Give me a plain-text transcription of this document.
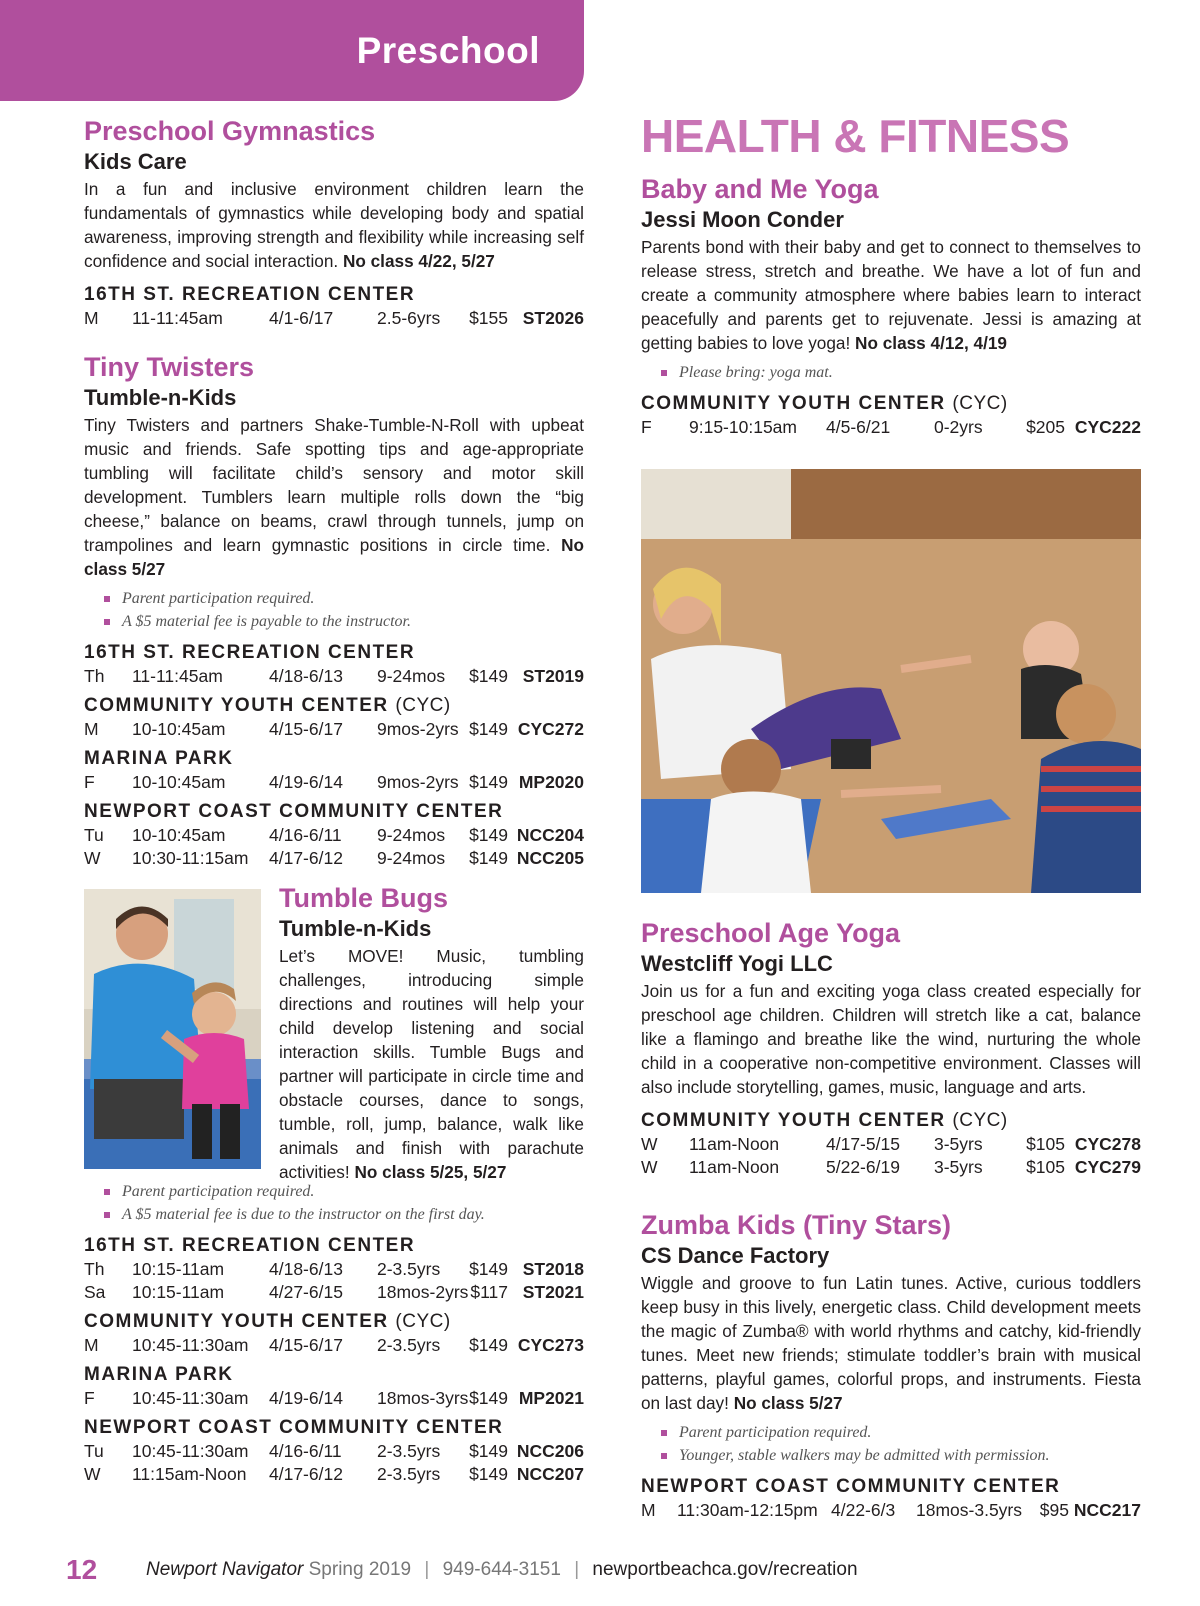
Preschool
Preschool Gymnastics
Kids Care

In a fun and inclusive environment children learn the fundamentals of gymnastics while developing body and spatial awareness, improving strength and flexibility while increasing self confidence and social interaction. No class 4/22, 5/27

16TH ST. RECREATION CENTER
M 11-11:45am	4/1-6/17	2.5-6yrs $155 ST2026
Tiny Twisters
Tumble-n-Kids

Tiny Twisters and partners Shake-Tumble-N-Roll with upbeat music and friends. Safe spotting tips and age-appropriate tumbling will facilitate child’s sensory and motor skill development. Tumblers learn multiple rolls down the “big cheese,” balance on beams, crawl through tunnels, jump on trampolines and learn gymnastic positions in circle time. No class 5/27

Parent participation required.
A $5 material fee is payable to the instructor.
16TH ST. RECREATION CENTER
Th 11-11:45am	4/18-6/13 9-24mos $149 ST2019
COMMUNITY YOUTH CENTER (CYC)
M 10-10:45am 4/15-6/17 9mos-2yrs $149 CYC272
MARINA PARK
F 10-10:45am 4/19-6/14 9mos-2yrs $149 MP2020
NEWPORT COAST COMMUNITY CENTER
Tu 10-10:45am 4/16-6/11 9-24mos $149 NCC204
W 10:30-11:15am 4/17-6/12 9-24mos $149 NCC205
Tumble Bugs
Tumble-n-Kids

Let’s MOVE! Music, tumbling challenges, introducing simple directions and routines will help your child develop listening and social interaction skills. Tumble Bugs and partner will participate in circle time and obstacle courses, dance to songs, tumble, roll, jump, balance, walk like animals and finish with parachute activities! No class 5/25, 5/27

Parent participation required.
A $5 material fee is due to the instructor on the first day.
16TH ST. RECREATION CENTER
Th 10:15-11am	4/18-6/13 2-3.5yrs $149 ST2018
Sa 10:15-11am	4/27-6/15 18mos-2yrs $117 ST2021
COMMUNITY YOUTH CENTER (CYC)
M 10:45-11:30am 4/15-6/17 2-3.5yrs $149 CYC273
MARINA PARK
F 10:45-11:30am 4/19-6/14 18mos-3yrs $149 MP2021
NEWPORT COAST COMMUNITY CENTER
Tu 10:45-11:30am 4/16-6/11 2-3.5yrs $149 NCC206
W 11:15am-Noon 4/17-6/12 2-3.5yrs $149 NCC207
HEALTH & FITNESS
Baby and Me Yoga
Jessi Moon Conder

Parents bond with their baby and get to connect to themselves to release stress, stretch and breathe. We have a lot of fun and create a community atmosphere where babies learn to interact peacefully and parents get to rejuvenate. Jessi is amazing at getting babies to love yoga! No class 4/12, 4/19

Please bring: yoga mat.
COMMUNITY YOUTH CENTER (CYC)
F 9:15-10:15am 4/5-6/21	0-2yrs $205 CYC222
Preschool Age Yoga
Westcliff Yogi LLC

Join us for a fun and exciting yoga class created especially for preschool age children. Children will stretch like a cat, balance like a flamingo and breathe like the wind, nurturing the whole child in a cooperative non-competitive environment. Classes will also include storytelling, games, music, language and arts.

COMMUNITY YOUTH CENTER (CYC)
W 11am-Noon	4/17-5/15 3-5yrs $105 CYC278
W 11am-Noon	5/22-6/19 3-5yrs $105 CYC279
Zumba Kids (Tiny Stars)
CS Dance Factory

Wiggle and groove to fun Latin tunes. Active, curious toddlers keep busy in this lively, energetic class. Child development meets the magic of Zumba® with world rhythms and catchy, kid-friendly tunes. Meet new friends; stimulate toddler’s brain with musical patterns, playful games, colorful props, and instruments. Fiesta on last day! No class 5/27

Parent participation required.
Younger, stable walkers may be admitted with permission.
NEWPORT COAST COMMUNITY CENTER
M 11:30am-12:15pm 4/22-6/3 18mos-3.5yrs $95 NCC217
12	Newport Navigator Spring 2019 | 949-644-3151 | newportbeachca.gov/recreation
